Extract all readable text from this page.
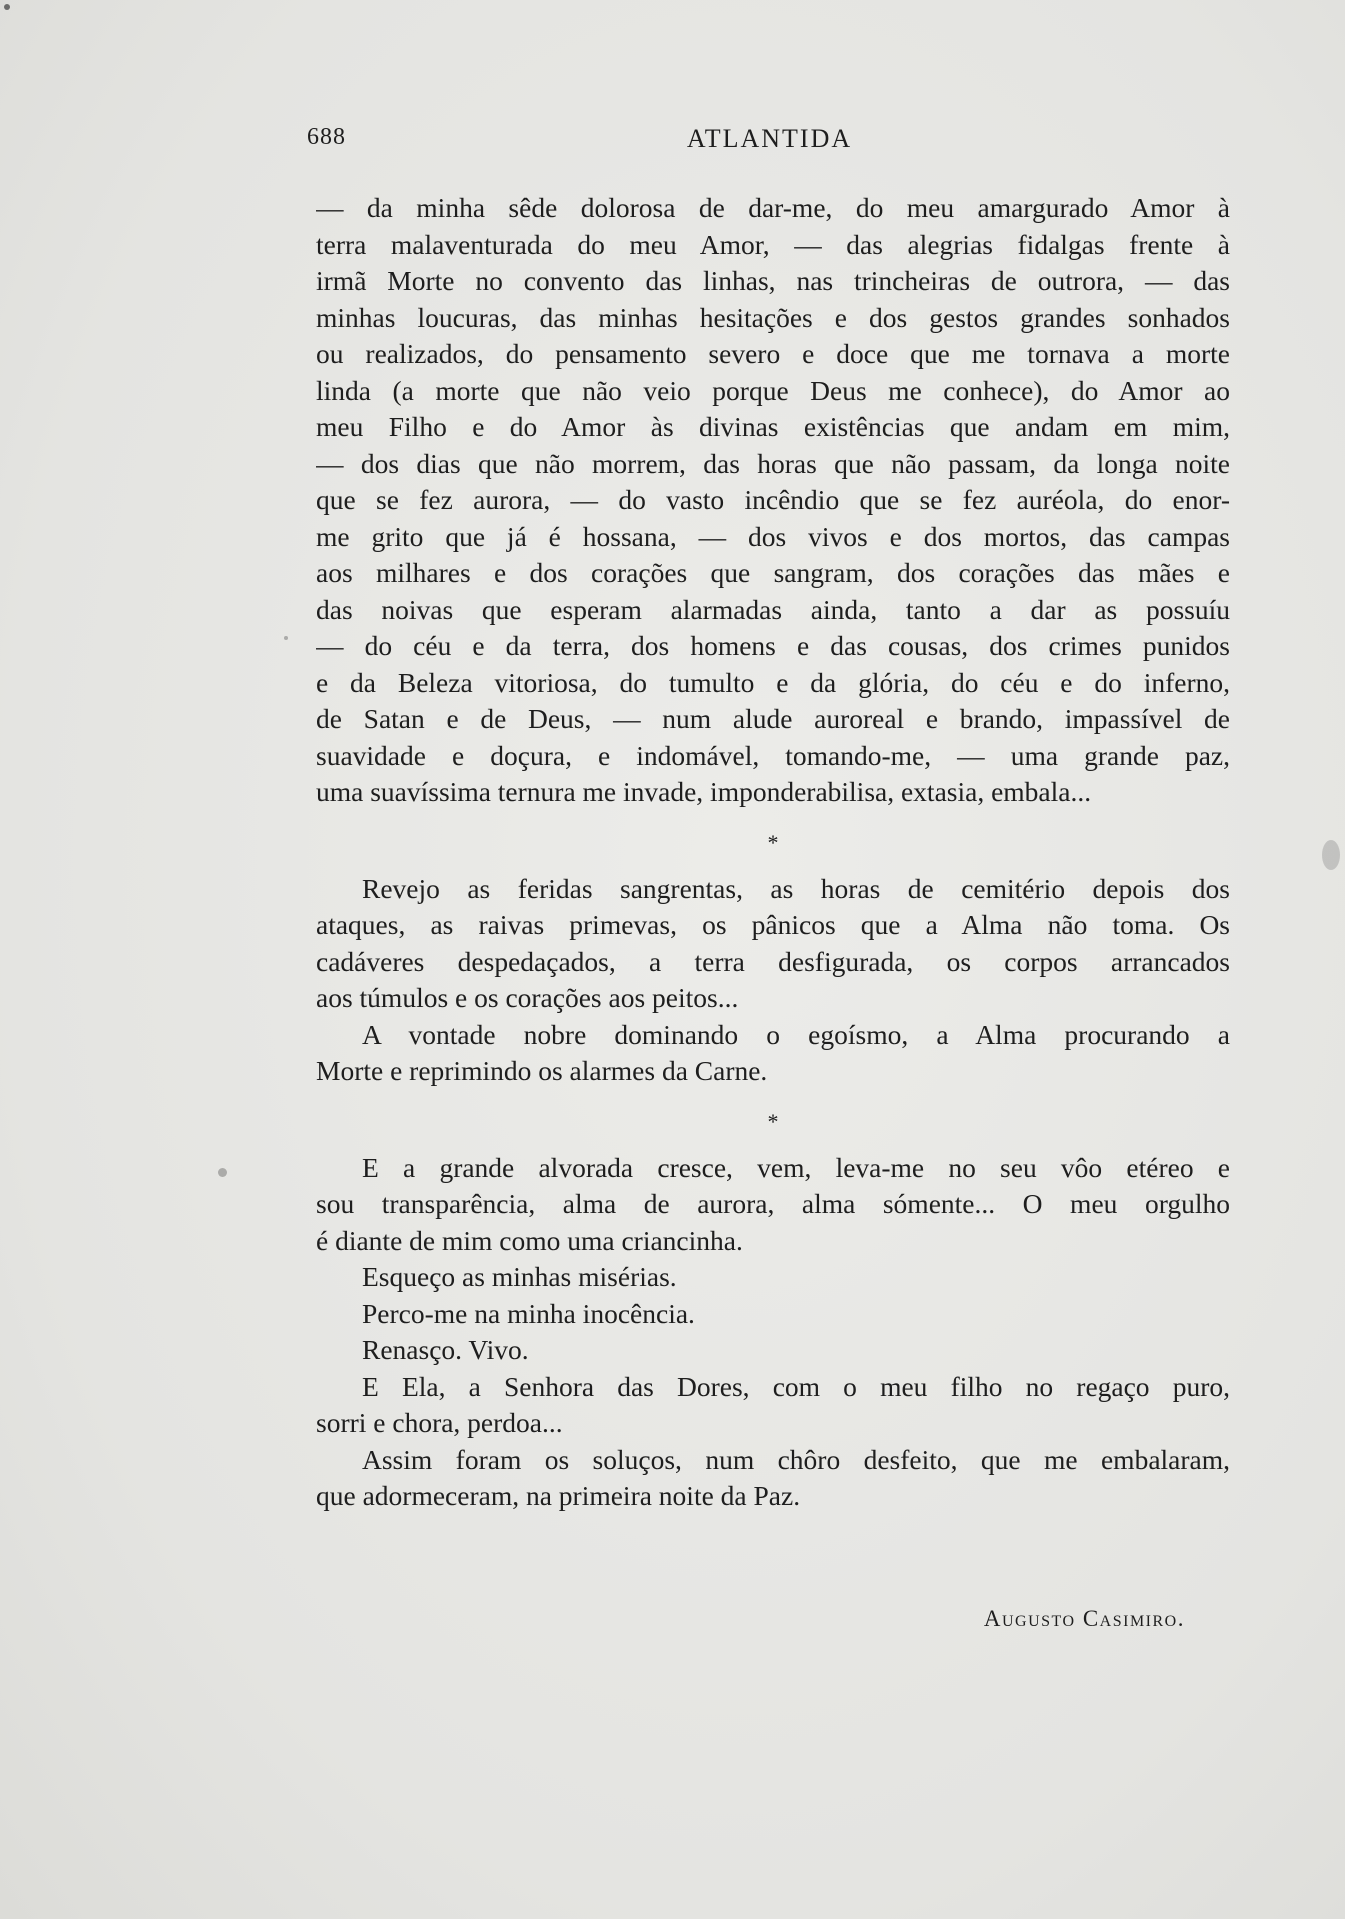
688	ATLANTIDA

— da minha sêde dolorosa de dar-me, do meu amargurado Amor à
terra malaventurada do meu Amor, — das alegrias fidalgas frente à
irmã Morte no convento das linhas, nas trincheiras de outrora, — das
minhas loucuras, das minhas hesitações e dos gestos grandes sonhados
ou realizados, do pensamento severo e doce que me tornava a morte
linda (a morte que não veio porque Deus me conhece), do Amor ao
meu Filho e do Amor às divinas existências que andam em mim,
— dos dias que não morrem, das horas que não passam, da longa noite
que se fez aurora, — do vasto incêndio que se fez auréola, do enor-
me grito que já é hossana, — dos vivos e dos mortos, das campas
aos milhares e dos corações que sangram, dos corações das mães e
das noivas que esperam alarmadas ainda, tanto a dar as possuíu
— do céu e da terra, dos homens e das cousas, dos crimes punidos
e da Beleza vitoriosa, do tumulto e da glória, do céu e do inferno,
de Satan e de Deus, — num alude auroreal e brando, impassível de
suavidade e doçura, e indomável, tomando-me, — uma grande paz,
uma suavíssima ternura me invade, imponderabilisa, extasia, embala...

*

Revejo as feridas sangrentas, as horas de cemitério depois dos
ataques, as raivas primevas, os pânicos que a Alma não toma. Os
cadáveres despedaçados, a terra desfigurada, os corpos arrancados
aos túmulos e os corações aos peitos...

A vontade nobre dominando o egoísmo, a Alma procurando a
Morte e reprimindo os alarmes da Carne.

*

E a grande alvorada cresce, vem, leva-me no seu vôo etéreo e
sou transparência, alma de aurora, alma sómente... O meu orgulho
é diante de mim como uma criancinha.

Esqueço as minhas misérias.

Perco-me na minha inocência.

Renasço. Vivo.

E Ela, a Senhora das Dores, com o meu filho no regaço puro,
sorri e chora, perdoa...

Assim foram os soluços, num chôro desfeito, que me embalaram,
que adormeceram, na primeira noite da Paz.

Augusto Casimiro.
